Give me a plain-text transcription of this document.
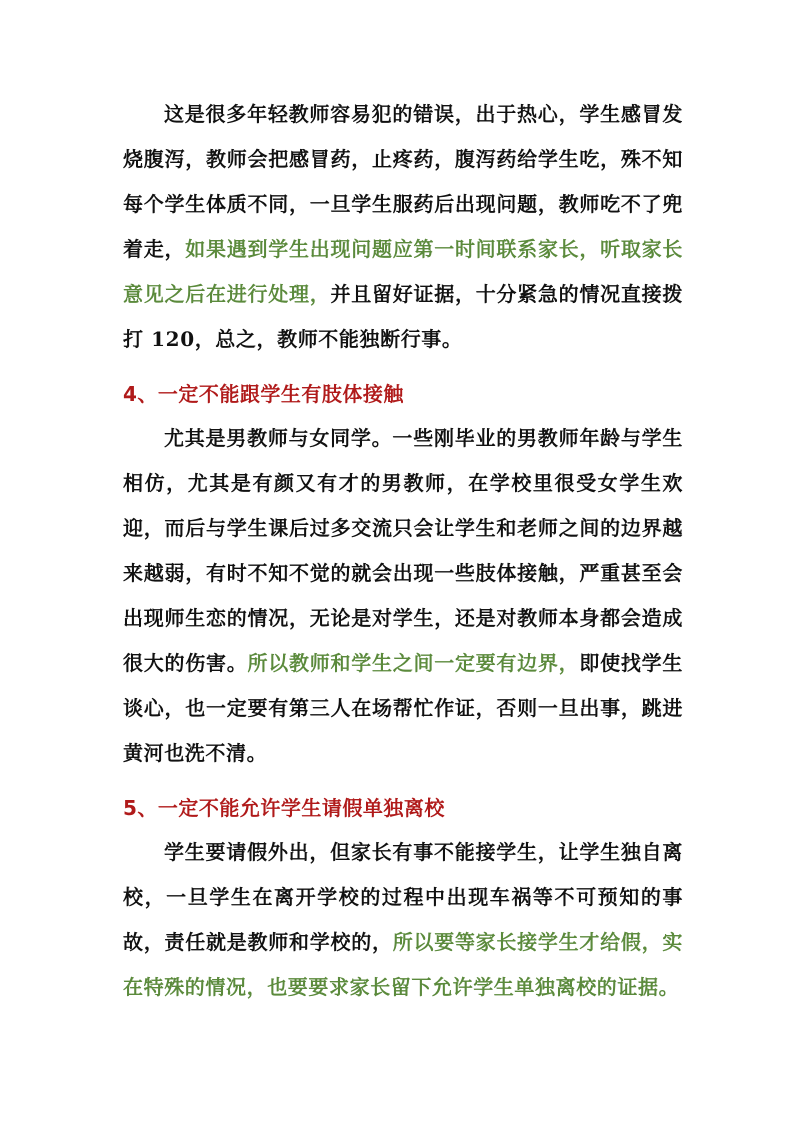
这是很多年轻教师容易犯的错误，出于热心，学生感冒发烧腹泻，教师会把感冒药，止疼药，腹泻药给学生吃，殊不知每个学生体质不同，一旦学生服药后出现问题，教师吃不了兜着走，如果遇到学生出现问题应第一时间联系家长，听取家长意见之后在进行处理，并且留好证据，十分紧急的情况直接拨打 120，总之，教师不能独断行事。

4、一定不能跟学生有肢体接触

尤其是男教师与女同学。一些刚毕业的男教师年龄与学生相仿，尤其是有颜又有才的男教师，在学校里很受女学生欢迎，而后与学生课后过多交流只会让学生和老师之间的边界越来越弱，有时不知不觉的就会出现一些肢体接触，严重甚至会出现师生恋的情况，无论是对学生，还是对教师本身都会造成很大的伤害。所以教师和学生之间一定要有边界，即使找学生谈心，也一定要有第三人在场帮忙作证，否则一旦出事，跳进黄河也洗不清。

5、一定不能允许学生请假单独离校

学生要请假外出，但家长有事不能接学生，让学生独自离校，一旦学生在离开学校的过程中出现车祸等不可预知的事故，责任就是教师和学校的，所以要等家长接学生才给假，实在特殊的情况，也要要求家长留下允许学生单独离校的证据。
